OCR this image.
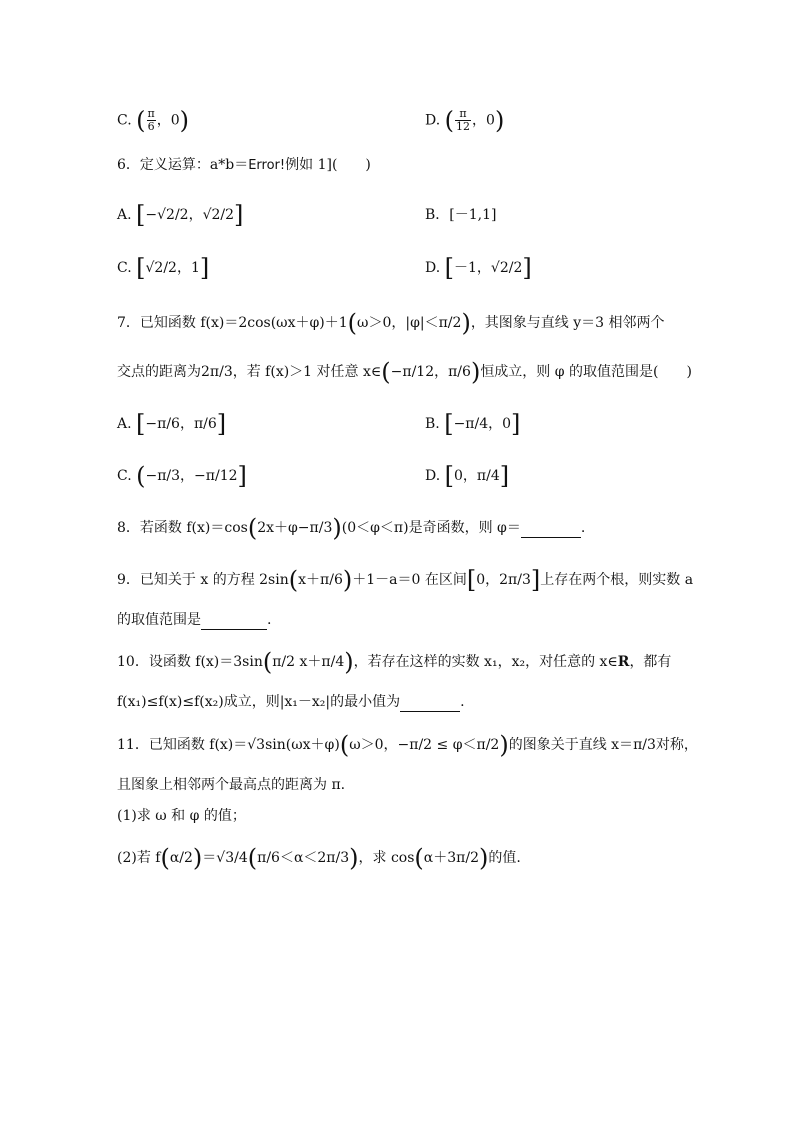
C. ( $\frac{\pi}{6}$ ，0)	D. ( $\frac{\pi}{12}$ ，0)
6．定义运算：a*b＝Error!例如 1](　　)
A. [−√2/2，√2/2]	B．[－1,1]
C. [√2/2，1]	D. [－1，√2/2]
7．已知函数 f(x)＝2cos(ωx＋φ)＋1(ω＞0，|φ|＜π/2)，其图象与直线 y＝3 相邻两个
交点的距离为2π/3，若 f(x)＞1 对任意 x∈(−π/12，π/6)恒成立，则 φ 的取值范围是(　　)
A. [−π/6，π/6]	B. [−π/4，0]
C. (−π/3，−π/12]	D. [0，π/4]
8．若函数 f(x)＝cos(2x＋φ−π/3)(0＜φ＜π)是奇函数，则 φ＝	.
9．已知关于 x 的方程 2sin(x＋π/6)＋1－a＝0 在区间[0，2π/3]上存在两个根，则实数 a
的取值范围是	.
10．设函数 f(x)＝3sin(π/2 x＋π/4)，若存在这样的实数 x₁，x₂，对任意的 x∈R，都有
f(x₁)≤f(x)≤f(x₂)成立，则|x₁－x₂|的最小值为	.
11．已知函数 f(x)＝√3sin(ωx＋φ)(ω＞0，−π/2 ≤ φ＜π/2)的图象关于直线 x＝π/3对称，
且图象上相邻两个最高点的距离为 π.
(1)求 ω 和 φ 的值；
(2)若 f(α/2)＝√3/4(π/6＜α＜2π/3)，求 cos(α＋3π/2)的值.
